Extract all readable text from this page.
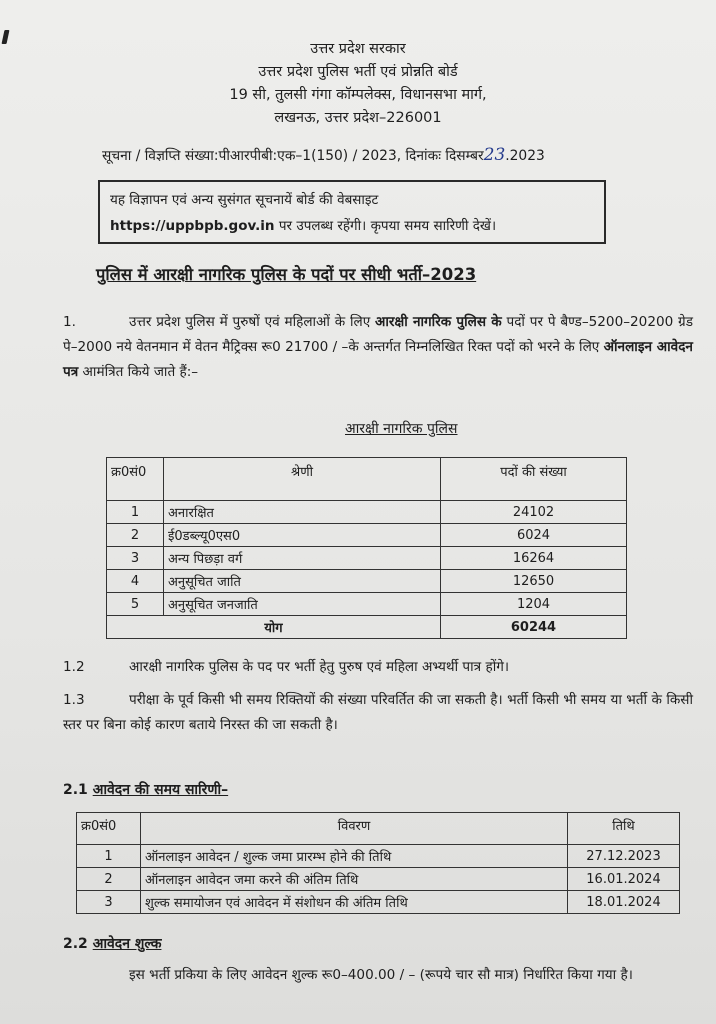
उत्तर प्रदेश सरकार
उत्तर प्रदेश पुलिस भर्ती एवं प्रोन्नति बोर्ड
19 सी, तुलसी गंगा कॉम्पलेक्स, विधानसभा मार्ग,
लखनऊ, उत्तर प्रदेश–226001
सूचना / विज्ञप्ति संख्या:पीआरपीबी:एक–1(150) / 2023, दिनांकः दिसम्बर23.2023
यह विज्ञापन एवं अन्य सुसंगत सूचनायें बोर्ड की वेबसाइट
https://uppbpb.gov.in पर उपलब्ध रहेंगी। कृपया समय सारिणी देखें।
पुलिस में आरक्षी नागरिक पुलिस के पदों पर सीधी भर्ती–2023
1.	उत्तर प्रदेश पुलिस में पुरुषों एवं महिलाओं के लिए आरक्षी नागरिक पुलिस के पदों पर पे बैण्ड–5200–20200 ग्रेड पे–2000 नये वेतनमान में वेतन मैट्रिक्स रू0 21700 / –के अन्तर्गत निम्नलिखित रिक्त पदों को भरने के लिए ऑनलाइन आवेदन पत्र आमंत्रित किये जाते हैं:–
आरक्षी नागरिक पुलिस
क्र0सं0	श्रेणी	पदों की संख्या
1	अनारक्षित	24102
2	ई0डब्ल्यू0एस0	6024
3	अन्य पिछड़ा वर्ग	16264
4	अनुसूचित जाति	12650
5	अनुसूचित जनजाति	1204
योग		60244
1.2	आरक्षी नागरिक पुलिस के पद पर भर्ती हेतु पुरुष एवं महिला अभ्यर्थी पात्र होंगे।
1.3	परीक्षा के पूर्व किसी भी समय रिक्तियों की संख्या परिवर्तित की जा सकती है। भर्ती किसी भी समय या भर्ती के किसी स्तर पर बिना कोई कारण बताये निरस्त की जा सकती है।
2.1 आवेदन की समय सारिणी–
क्र0सं0	विवरण	तिथि
1	ऑनलाइन आवेदन / शुल्क जमा प्रारम्भ होने की तिथि	27.12.2023
2	ऑनलाइन आवेदन जमा करने की अंतिम तिथि	16.01.2024
3	शुल्क समायोजन एवं आवेदन में संशोधन की अंतिम तिथि	18.01.2024
2.2 आवेदन शुल्क
इस भर्ती प्रकिया के लिए आवेदन शुल्क रू0–400.00 / – (रूपये चार सौ मात्र) निर्धारित किया गया है।
